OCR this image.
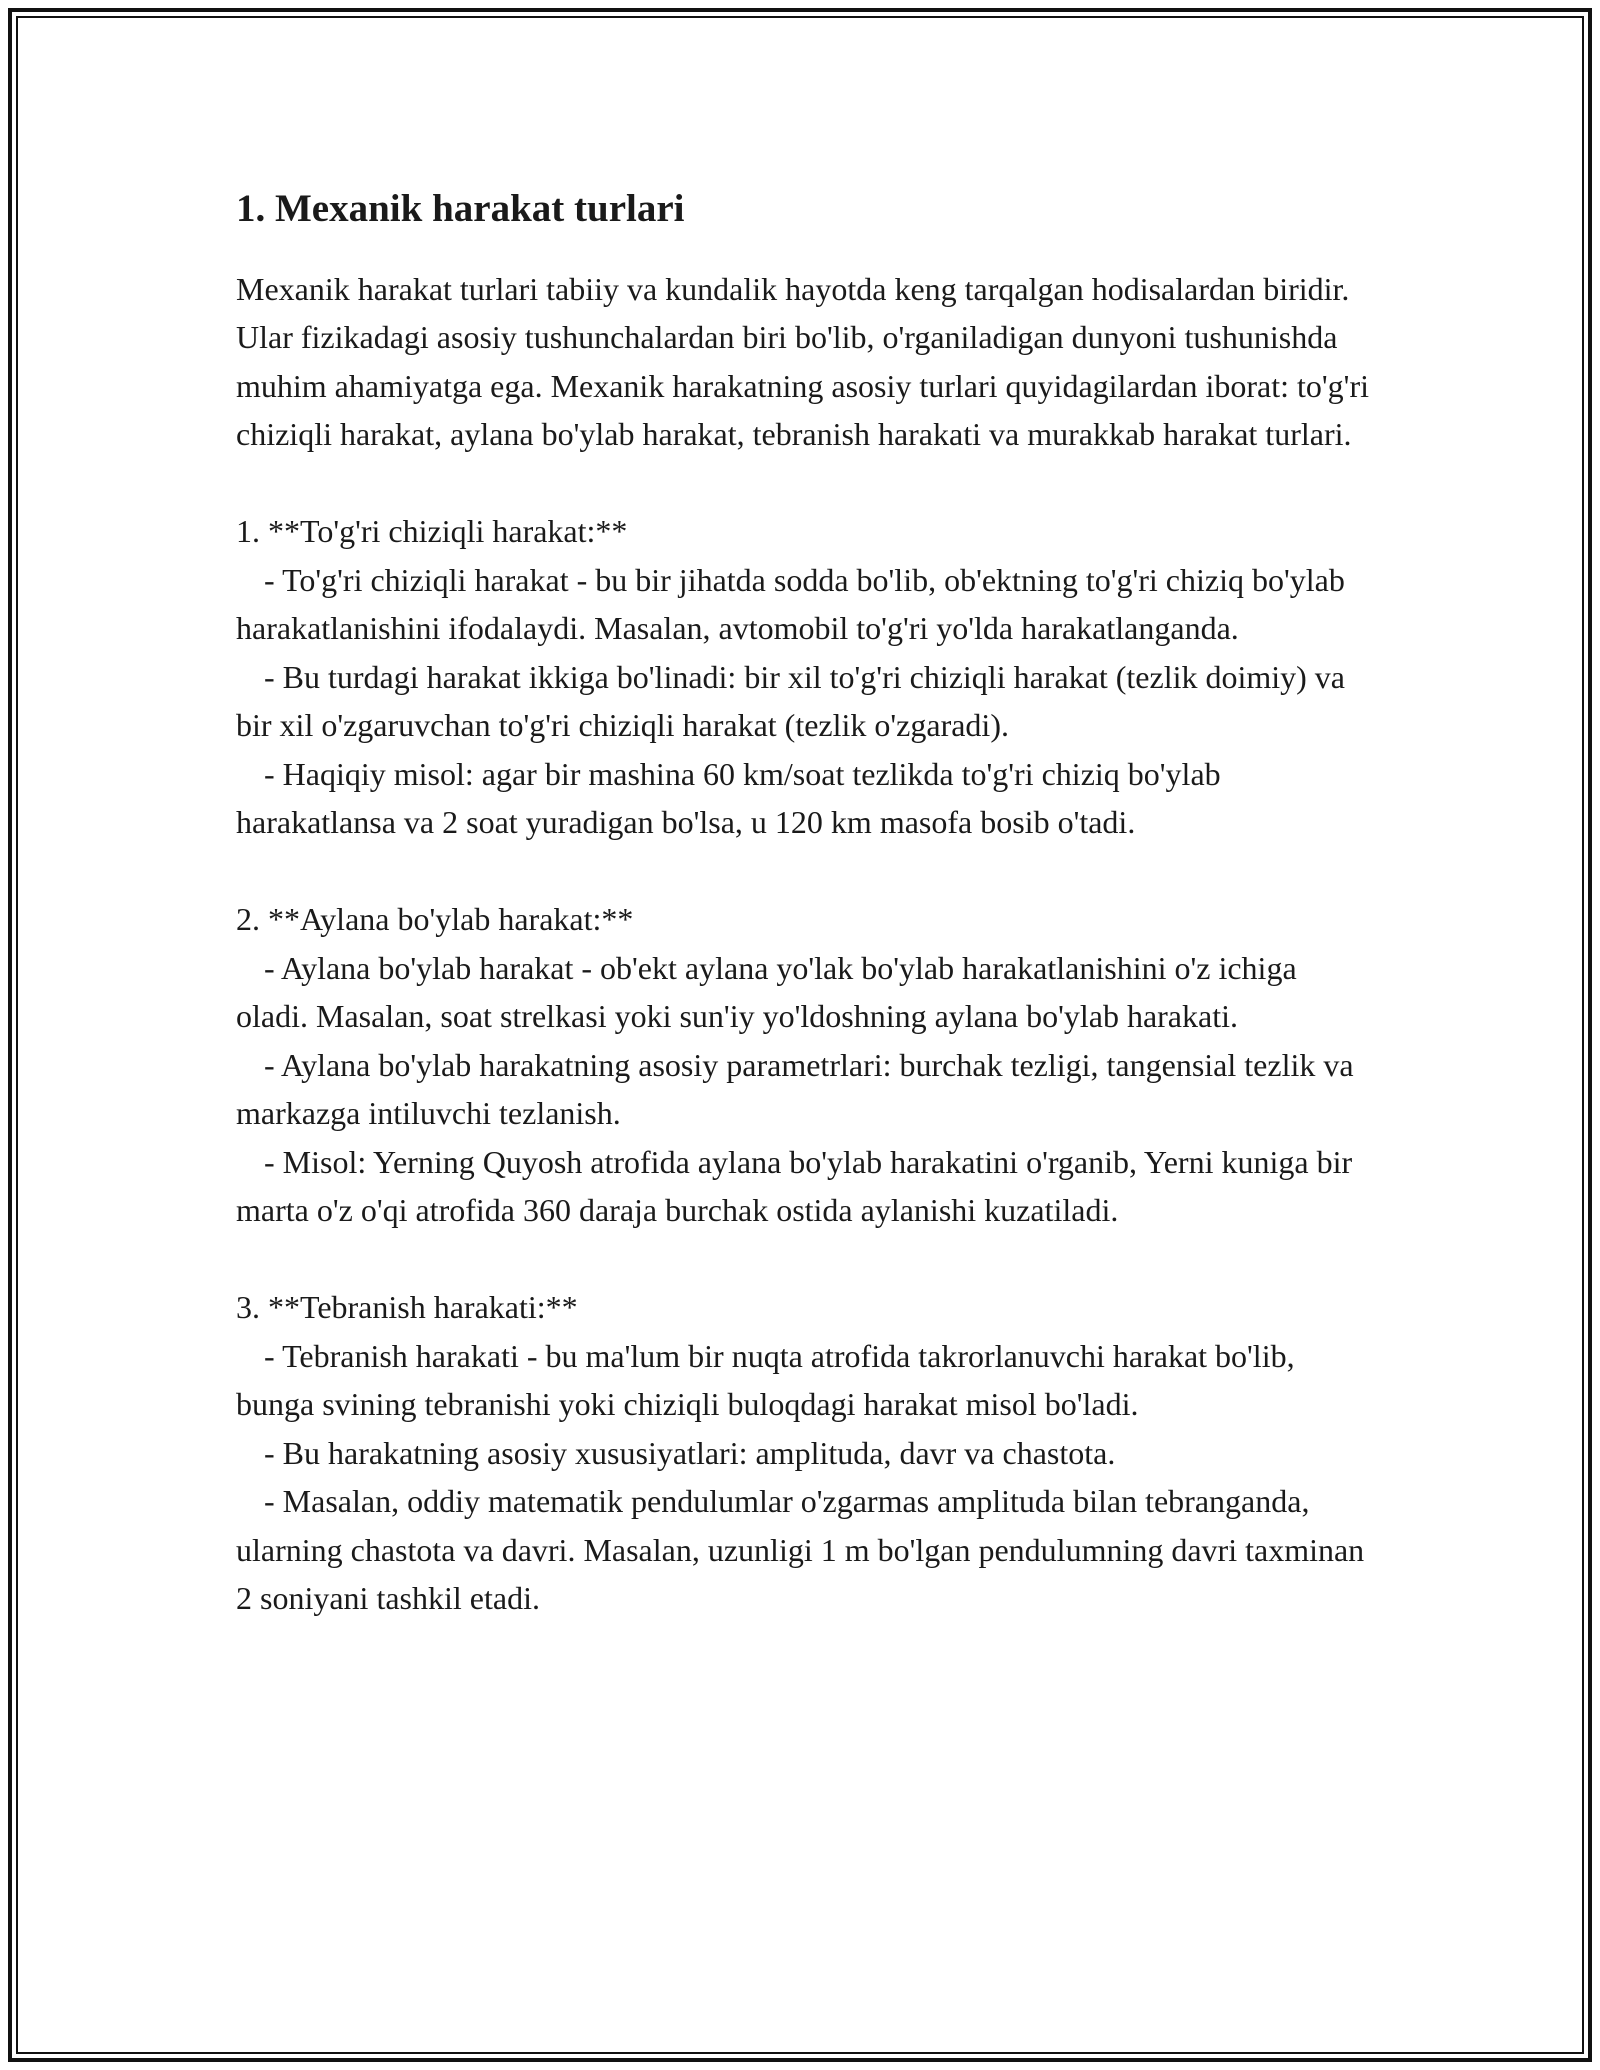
1. Mexanik harakat turlari

Mexanik harakat turlari tabiiy va kundalik hayotda keng tarqalgan hodisalardan biridir. Ular fizikadagi asosiy tushunchalardan biri bo'lib, o'rganiladigan dunyoni tushunishda muhim ahamiyatga ega. Mexanik harakatning asosiy turlari quyidagilardan iborat: to'g'ri chiziqli harakat, aylana bo'ylab harakat, tebranish harakati va murakkab harakat turlari.

1. **To'g'ri chiziqli harakat:**
- To'g'ri chiziqli harakat - bu bir jihatda sodda bo'lib, ob'ektning to'g'ri chiziq bo'ylab harakatlanishini ifodalaydi. Masalan, avtomobil to'g'ri yo'lda harakatlanganda.
- Bu turdagi harakat ikkiga bo'linadi: bir xil to'g'ri chiziqli harakat (tezlik doimiy) va bir xil o'zgaruvchan to'g'ri chiziqli harakat (tezlik o'zgaradi).
- Haqiqiy misol: agar bir mashina 60 km/soat tezlikda to'g'ri chiziq bo'ylab harakatlansa va 2 soat yuradigan bo'lsa, u 120 km masofa bosib o'tadi.
2. **Aylana bo'ylab harakat:**
- Aylana bo'ylab harakat - ob'ekt aylana yo'lak bo'ylab harakatlanishini o'z ichiga oladi. Masalan, soat strelkasi yoki sun'iy yo'ldoshning aylana bo'ylab harakati.
- Aylana bo'ylab harakatning asosiy parametrlari: burchak tezligi, tangensial tezlik va markazga intiluvchi tezlanish.
- Misol: Yerning Quyosh atrofida aylana bo'ylab harakatini o'rganib, Yerni kuniga bir marta o'z o'qi atrofida 360 daraja burchak ostida aylanishi kuzatiladi.
3. **Tebranish harakati:**
- Tebranish harakati - bu ma'lum bir nuqta atrofida takrorlanuvchi harakat bo'lib, bunga svining tebranishi yoki chiziqli buloqdagi harakat misol bo'ladi.
- Bu harakatning asosiy xususiyatlari: amplituda, davr va chastota.
- Masalan, oddiy matematik pendulumlar o'zgarmas amplituda bilan tebranganda, ularning chastota va davri. Masalan, uzunligi 1 m bo'lgan pendulumning davri taxminan 2 soniyani tashkil etadi.
